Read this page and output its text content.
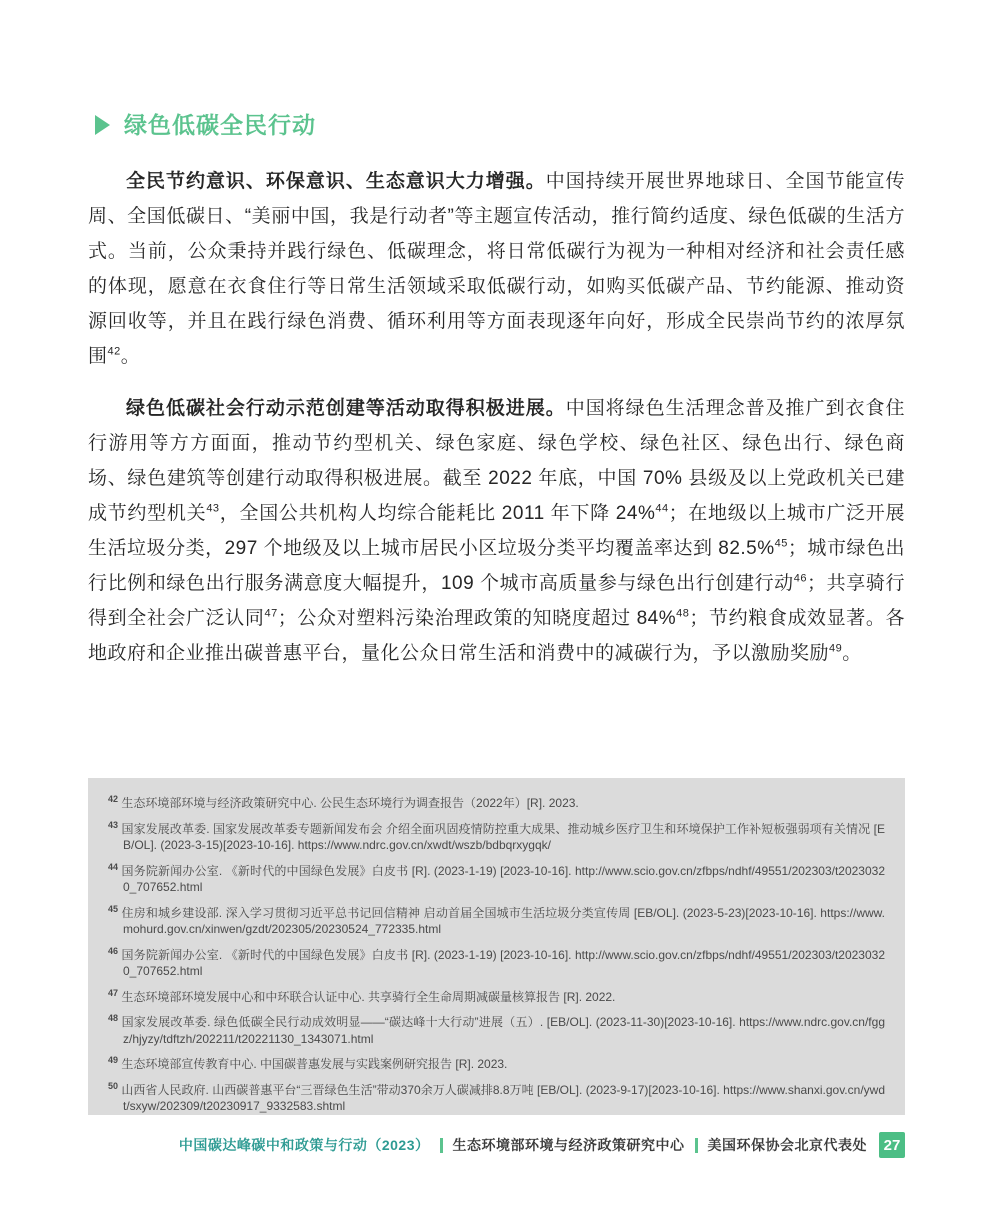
绿色低碳全民行动

全民节约意识、环保意识、生态意识大力增强。中国持续开展世界地球日、全国节能宣传周、全国低碳日、“美丽中国，我是行动者”等主题宣传活动，推行简约适度、绿色低碳的生活方式。当前，公众秉持并践行绿色、低碳理念，将日常低碳行为视为一种相对经济和社会责任感的体现，愿意在衣食住行等日常生活领域采取低碳行动，如购买低碳产品、节约能源、推动资源回收等，并且在践行绿色消费、循环利用等方面表现逐年向好，形成全民崇尚节约的浓厚氛围$^{42}$。

绿色低碳社会行动示范创建等活动取得积极进展。中国将绿色生活理念普及推广到衣食住行游用等方方面面，推动节约型机关、绿色家庭、绿色学校、绿色社区、绿色出行、绿色商场、绿色建筑等创建行动取得积极进展。截至 2022 年底，中国 70% 县级及以上党政机关已建成节约型机关$^{43}$，全国公共机构人均综合能耗比 2011 年下降 24%$^{44}$；在地级以上城市广泛开展生活垃圾分类，297 个地级及以上城市居民小区垃圾分类平均覆盖率达到 82.5%$^{45}$；城市绿色出行比例和绿色出行服务满意度大幅提升，109 个城市高质量参与绿色出行创建行动$^{46}$；共享骑行得到全社会广泛认同$^{47}$；公众对塑料污染治理政策的知晓度超过 84%$^{48}$；节约粮食成效显著。各地政府和企业推出碳普惠平台，量化公众日常生活和消费中的减碳行为，予以激励奖励$^{49}$。

$^{42}$ 生态环境部环境与经济政策研究中心. 公民生态环境行为调查报告（2022年）[R]. 2023.
$^{43}$ 国家发展改革委. 国家发展改革委专题新闻发布会 介绍全面巩固疫情防控重大成果、推动城乡医疗卫生和环境保护工作补短板强弱项有关情况 [EB/OL]. (2023-3-15)[2023-10-16]. https://www.ndrc.gov.cn/xwdt/wszb/bdbqrxygqk/
$^{44}$ 国务院新闻办公室. 《新时代的中国绿色发展》白皮书 [R]. (2023-1-19) [2023-10-16]. http://www.scio.gov.cn/zfbps/ndhf/49551/202303/t20230320_707652.html
$^{45}$ 住房和城乡建设部. 深入学习贯彻习近平总书记回信精神 启动首届全国城市生活垃圾分类宣传周 [EB/OL]. (2023-5-23)[2023-10-16]. https://www.mohurd.gov.cn/xinwen/gzdt/202305/20230524_772335.html
$^{46}$ 国务院新闻办公室. 《新时代的中国绿色发展》白皮书 [R]. (2023-1-19) [2023-10-16]. http://www.scio.gov.cn/zfbps/ndhf/49551/202303/t20230320_707652.html
$^{47}$ 生态环境部环境发展中心和中环联合认证中心. 共享骑行全生命周期减碳量核算报告 [R]. 2022.
$^{48}$ 国家发展改革委. 绿色低碳全民行动成效明显——“碳达峰十大行动”进展（五）. [EB/OL]. (2023-11-30)[2023-10-16]. https://www.ndrc.gov.cn/fggz/hjyzy/tdftzh/202211/t20221130_1343071.html
$^{49}$ 生态环境部宣传教育中心. 中国碳普惠发展与实践案例研究报告 [R]. 2023.
$^{50}$ 山西省人民政府. 山西碳普惠平台“三晋绿色生活”带动370余万人碳减排8.8万吨 [EB/OL]. (2023-9-17)[2023-10-16]. https://www.shanxi.gov.cn/ywdt/sxyw/202309/t20230917_9332583.shtml
中国碳达峰碳中和政策与行动（2023） 生态环境部环境与经济政策研究中心 美国环保协会北京代表处	27
